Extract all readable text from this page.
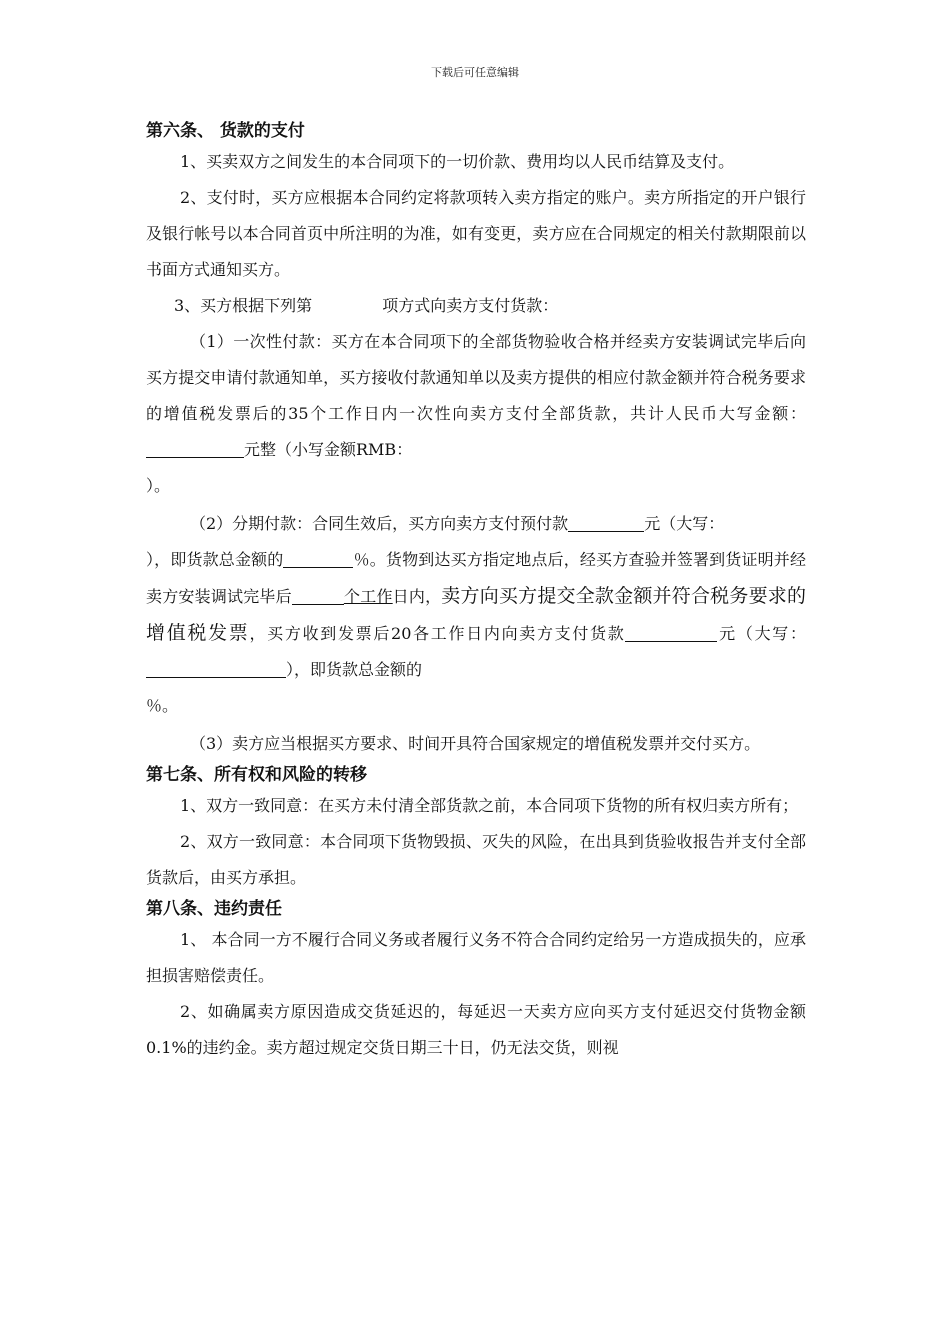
下载后可任意编辑

第六条、 货款的支付

1、买卖双方之间发生的本合同项下的一切价款、费用均以人民币结算及支付。

2、支付时，买方应根据本合同约定将款项转入卖方指定的账户。卖方所指定的开户银行及银行帐号以本合同首页中所注明的为准，如有变更，卖方应在合同规定的相关付款期限前以书面方式通知买方。

3、买方根据下列第	项方式向卖方支付货款：

（1）一次性付款：买方在本合同项下的全部货物验收合格并经卖方安装调试完毕后向买方提交申请付款通知单，买方接收付款通知单以及卖方提供的相应付款金额并符合税务要求的增值税发票后的35个工作日内一次性向卖方支付全部货款，共计人民币大写金额：元整（小写金额RMB：
）。

（2）分期付款：合同生效后，买方向卖方支付预付款	元（大写：
），即货款总金额的	％。货物到达买方指定地点后，经买方查验并签署到货证明并经卖方安装调试完毕后	个工作日内，卖方向买方提交全款金额并符合税务要求的增值税发票，买方收到发票后20各工作日内向卖方支付货款	元（大写：），即货款总金额的
％。

（3）卖方应当根据买方要求、时间开具符合国家规定的增值税发票并交付买方。

第七条、所有权和风险的转移

1、双方一致同意：在买方未付清全部货款之前，本合同项下货物的所有权归卖方所有；

2、双方一致同意：本合同项下货物毁损、灭失的风险，在出具到货验收报告并支付全部货款后，由买方承担。

第八条、违约责任

1、 本合同一方不履行合同义务或者履行义务不符合合同约定给另一方造成损失的，应承担损害赔偿责任。

2、如确属卖方原因造成交货延迟的，每延迟一天卖方应向买方支付延迟交付货物金额0.1%的违约金。卖方超过规定交货日期三十日，仍无法交货，则视
